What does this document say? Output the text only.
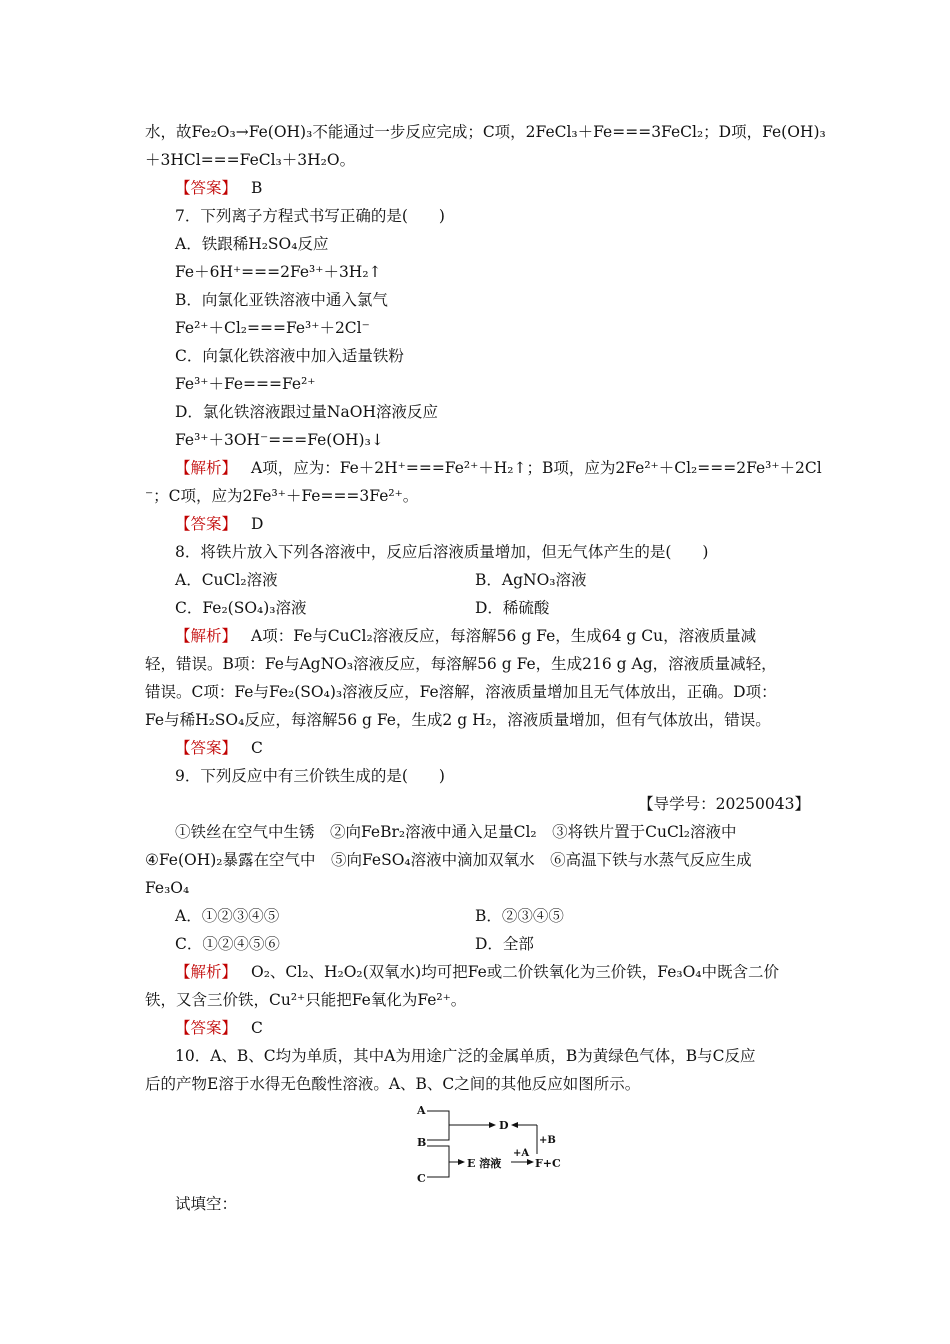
水，故Fe₂O₃→Fe(OH)₃不能通过一步反应完成；C项，2FeCl₃＋Fe===3FeCl₂；D项，Fe(OH)₃
＋3HCl===FeCl₃＋3H₂O。
【答案】 B
7．下列离子方程式书写正确的是(　　)
A．铁跟稀H₂SO₄反应
Fe＋6H⁺===2Fe³⁺＋3H₂↑
B．向氯化亚铁溶液中通入氯气
Fe²⁺＋Cl₂===Fe³⁺＋2Cl⁻
C．向氯化铁溶液中加入适量铁粉
Fe³⁺＋Fe===Fe²⁺
D．氯化铁溶液跟过量NaOH溶液反应
Fe³⁺＋3OH⁻===Fe(OH)₃↓
【解析】 A项，应为：Fe＋2H⁺===Fe²⁺＋H₂↑；B项，应为2Fe²⁺＋Cl₂===2Fe³⁺＋2Cl
⁻；C项，应为2Fe³⁺＋Fe===3Fe²⁺。
【答案】 D
8．将铁片放入下列各溶液中，反应后溶液质量增加，但无气体产生的是(　　)
A．CuCl₂溶液	B．AgNO₃溶液
C．Fe₂(SO₄)₃溶液	D．稀硫酸
【解析】 A项：Fe与CuCl₂溶液反应，每溶解56 g Fe，生成64 g Cu，溶液质量减
轻，错误。B项：Fe与AgNO₃溶液反应，每溶解56 g Fe，生成216 g Ag，溶液质量减轻，
错误。C项：Fe与Fe₂(SO₄)₃溶液反应，Fe溶解，溶液质量增加且无气体放出，正确。D项：
Fe与稀H₂SO₄反应，每溶解56 g Fe，生成2 g H₂，溶液质量增加，但有气体放出，错误。
【答案】 C
9．下列反应中有三价铁生成的是(　　)
【导学号：20250043】
①铁丝在空气中生锈　②向FeBr₂溶液中通入足量Cl₂　③将铁片置于CuCl₂溶液中
④Fe(OH)₂暴露在空气中　⑤向FeSO₄溶液中滴加双氧水　⑥高温下铁与水蒸气反应生成
Fe₃O₄
A．①②③④⑤	B．②③④⑤
C．①②④⑤⑥	D．全部
【解析】 O₂、Cl₂、H₂O₂(双氧水)均可把Fe或二价铁氧化为三价铁，Fe₃O₄中既含二价
铁，又含三价铁，Cu²⁺只能把Fe氧化为Fe²⁺。
【答案】 C
10．A、B、C均为单质，其中A为用途广泛的金属单质，B为黄绿色气体，B与C反应
后的产物E溶于水得无色酸性溶液。A、B、C之间的其他反应如图所示。
A
B
C
D
E 溶液
+A
+B
F+C
试填空：
